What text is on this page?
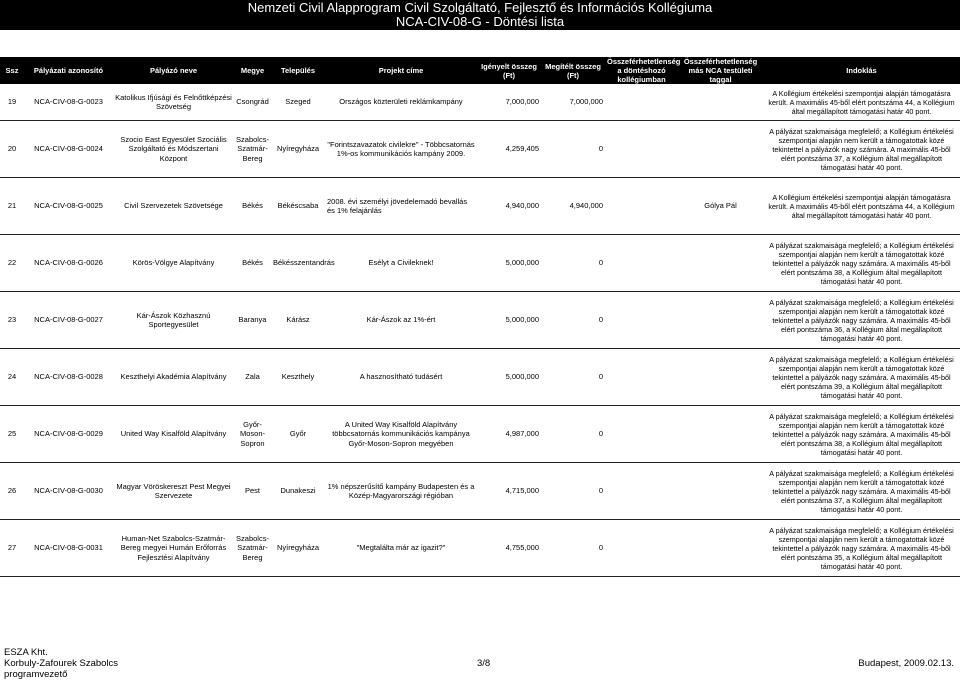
Nemzeti Civil Alapprogram Civil Szolgáltató, Fejlesztő és Információs Kollégiuma
NCA-CIV-08-G - Döntési lista
Ssz	Pályázati azonosító	Pályázó neve	Megye	Település	Projekt címe	Igényelt összeg (Ft)	Megítélt összeg (Ft)	Összeférhetetlenség a döntéshozó kollégiumban	Összeférhetetlenség más NCA testületi taggal	Indoklás
19	NCA-CIV-08-G-0023	Katolikus Ifjúsági és Felnőttképzési Szövetség	Csongrád	Szeged	Országos közterületi reklámkampány	7,000,000	7,000,000			A Kollégium értékelési szempontjai alapján támogatásra került. A maximális 45-ből elért pontszáma 44, a Kollégium által megállapított támogatási határ 40 pont.
20	NCA-CIV-08-G-0024	Szocio East Egyesület Szociális Szolgáltató és Módszertani Központ	Szabolcs-Szatmár-Bereg	Nyíregyháza	"Forintszavazatok civilekre" - Többcsatornás 1%-os kommunikációs kampány 2009.	4,259,405	0			A pályázat szakmaisága megfelelő; a Kollégium értékelési szempontjai alapján nem került a támogatottak közé tekintettel a pályázók nagy számára. A maximális 45-ből elért pontszáma 37, a Kollégium által megállapított támogatási határ 40 pont.
21	NCA-CIV-08-G-0025	Civil Szervezetek Szövetsége	Békés	Békéscsaba	2008. évi személyi jövedelemadó bevallás és 1% felajánlás	4,940,000	4,940,000		Gólya Pál	A Kollégium értékelési szempontjai alapján támogatásra került. A maximális 45-ből elért pontszáma 44, a Kollégium által megállapított támogatási határ 40 pont.
22	NCA-CIV-08-G-0026	Körös-Völgye Alapítvány	Békés	Békésszentandrás	Esélyt a Civileknek!	5,000,000	0			A pályázat szakmaisága megfelelő; a Kollégium értékelési szempontjai alapján nem került a támogatottak közé tekintettel a pályázók nagy számára. A maximális 45-ből elért pontszáma 38, a Kollégium által megállapított támogatási határ 40 pont.
23	NCA-CIV-08-G-0027	Kár-Ászok Közhasznú Sportegyesület	Baranya	Kárász	Kár-Ászok az 1%-ért	5,000,000	0			A pályázat szakmaisága megfelelő; a Kollégium értékelési szempontjai alapján nem került a támogatottak közé tekintettel a pályázók nagy számára. A maximális 45-ből elért pontszáma 36, a Kollégium által megállapított támogatási határ 40 pont.
24	NCA-CIV-08-G-0028	Keszthelyi Akadémia Alapítvány	Zala	Keszthely	A hasznosítható tudásért	5,000,000	0			A pályázat szakmaisága megfelelő; a Kollégium értékelési szempontjai alapján nem került a támogatottak közé tekintettel a pályázók nagy számára. A maximális 45-ből elért pontszáma 39, a Kollégium által megállapított támogatási határ 40 pont.
25	NCA-CIV-08-G-0029	United Way Kisalföld Alapítvány	Győr-Moson-Sopron	Győr	A United Way Kisalföld Alapítvány többcsatornás kommunikációs kampánya Győr-Moson-Sopron megyében	4,987,000	0			A pályázat szakmaisága megfelelő; a Kollégium értékelési szempontjai alapján nem került a támogatottak közé tekintettel a pályázók nagy számára. A maximális 45-ből elért pontszáma 38, a Kollégium által megállapított támogatási határ 40 pont.
26	NCA-CIV-08-G-0030	Magyar Vöröskereszt Pest Megyei Szervezete	Pest	Dunakeszi	1% népszerűsítő kampány Budapesten és a Közép-Magyarországi régióban	4,715,000	0			A pályázat szakmaisága megfelelő; a Kollégium értékelési szempontjai alapján nem került a támogatottak közé tekintettel a pályázók nagy számára. A maximális 45-ből elért pontszáma 37, a Kollégium által megállapított támogatási határ 40 pont.
27	NCA-CIV-08-G-0031	Human-Net Szabolcs-Szatmár-Bereg megyei Humán Erőforrás Fejlesztési Alapítvány	Szabolcs-Szatmár-Bereg	Nyíregyháza	"Megtalálta már az igazit?"	4,755,000	0			A pályázat szakmaisága megfelelő; a Kollégium értékelési szempontjai alapján nem került a támogatottak közé tekintettel a pályázók nagy számára. A maximális 45-ből elért pontszáma 35, a Kollégium által megállapított támogatási határ 40 pont.
ESZA Kht.
Korbuly-Zafourek Szabolcs
programvezető
3/8	Budapest, 2009.02.13.
